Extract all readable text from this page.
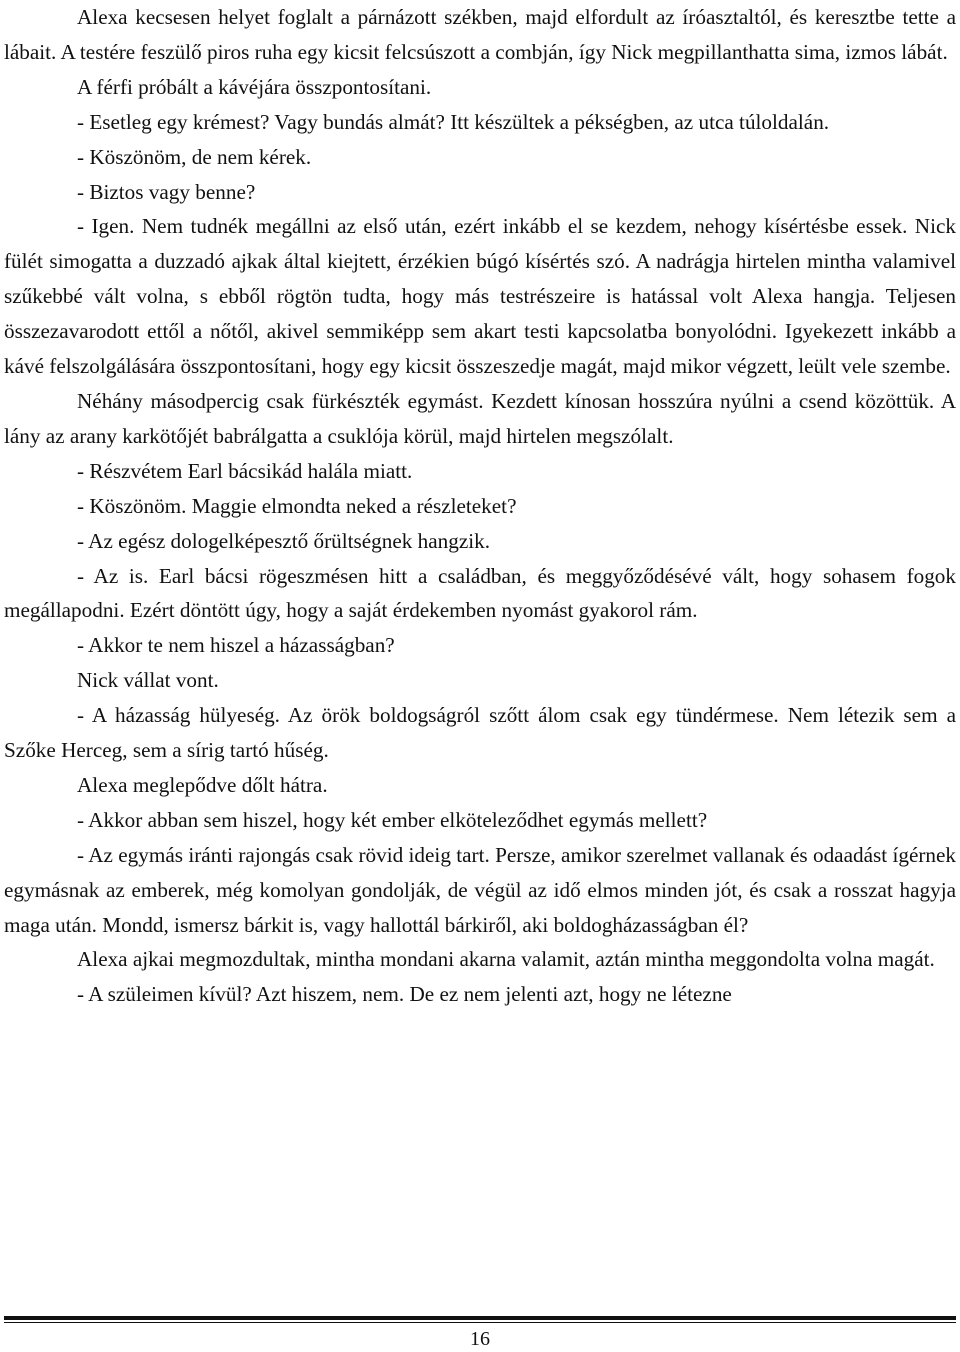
Alexa kecsesen helyet foglalt a párnázott székben, majd elfordult az íróasztaltól, és keresztbe tette a lábait. A testére feszülő piros ruha egy kicsit felcsúszott a combján, így Nick megpillanthatta sima, izmos lábát.

A férfi próbált a kávéjára összpontosítani.

- Esetleg egy krémest? Vagy bundás almát? Itt készültek a pékségben, az utca túloldalán.

- Köszönöm, de nem kérek.

- Biztos vagy benne?

- Igen. Nem tudnék megállni az első után, ezért inkább el se kezdem, nehogy kísértésbe essek. Nick fülét simogatta a duzzadó ajkak által kiejtett, érzékien búgó kísértés szó. A nadrágja hirtelen mintha valamivel szűkebbé vált volna, s ebből rögtön tudta, hogy más testrészeire is hatással volt Alexa hangja. Teljesen összezavarodott ettől a nőtől, akivel semmiképp sem akart testi kapcsolatba bonyolódni. Igyekezett inkább a kávé felszolgálására összpontosítani, hogy egy kicsit összeszedje magát, majd mikor végzett, leült vele szembe.

Néhány másodpercig csak fürkészték egymást. Kezdett kínosan hosszúra nyúlni a csend közöttük. A lány az arany karkötőjét babrálgatta a csuklója körül, majd hirtelen megszólalt.

- Részvétem Earl bácsikád halála miatt.

- Köszönöm. Maggie elmondta neked a részleteket?

- Az egész dologelképesztő őrültségnek hangzik.

- Az is. Earl bácsi rögeszmésen hitt a családban, és meggyőződésévé vált, hogy sohasem fogok megállapodni. Ezért döntött úgy, hogy a saját érdekemben nyomást gyakorol rám.

- Akkor te nem hiszel a házasságban?

Nick vállat vont.

- A házasság hülyeség. Az örök boldogságról szőtt álom csak egy tündérmese. Nem létezik sem a Szőke Herceg, sem a sírig tartó hűség.

Alexa meglepődve dőlt hátra.

- Akkor abban sem hiszel, hogy két ember elköteleződhet egymás mellett?

- Az egymás iránti rajongás csak rövid ideig tart. Persze, amikor szerelmet vallanak és odaadást ígérnek egymásnak az emberek, még komolyan gondolják, de végül az idő elmos minden jót, és csak a rosszat hagyja maga után. Mondd, ismersz bárkit is, vagy hallottál bárkiről, aki boldogházasságban él?

Alexa ajkai megmozdultak, mintha mondani akarna valamit, aztán mintha meggondolta volna magát.

- A szüleimen kívül? Azt hiszem, nem. De ez nem jelenti azt, hogy ne létezne

16
